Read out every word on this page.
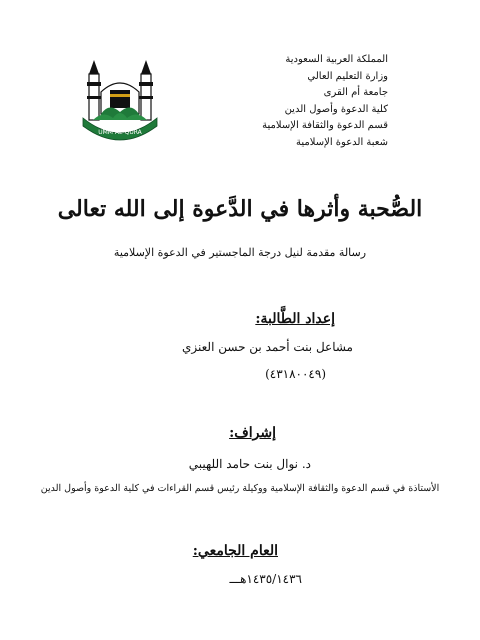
UMM AL-QURA
المملكة العربية السعودية
وزارة التعليم العالي
جامعة أم القرى
كلية الدعوة وأصول الدين
قسم الدعوة والثقافة الإسلامية
شعبة الدعوة الإسلامية
الصُّحبة وأثرها في الدَّعوة إلى الله تعالى
رسالة مقدمة لنيل درجة الماجستير في الدعوة الإسلامية
إعداد الطَّالبة:
مشاعل بنت أحمد بن حسن العنزي
(٤٣١٨٠٠٤٩)
إشراف:
د. نوال بنت حامد اللهيبي
الأستاذة في قسم الدعوة والثقافة الإسلامية ووكيلة رئيس قسم القراءات في كلية الدعوة وأصول الدين
العام الجامعي:
١٤٣٥/١٤٣٦هـــ
